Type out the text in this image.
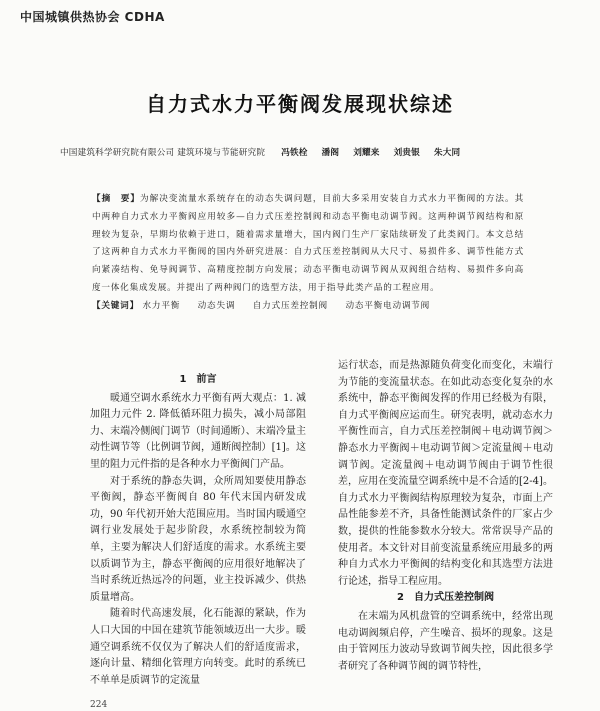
中国城镇供热协会 CDHA
自力式水力平衡阀发展现状综述
中国建筑科学研究院有限公司 建筑环境与节能研究院 冯铁栓 潘阁 刘耀来 刘贵银 朱大同
【摘　要】为解决变流量水系统存在的动态失调问题，目前大多采用安装自力式水力平衡阀的方法。其中两种自力式水力平衡阀应用较多—自力式压差控制阀和动态平衡电动调节阀。这两种调节阀结构和原理较为复杂，早期均依赖于进口，随着需求量增大，国内阀门生产厂家陆续研发了此类阀门。本文总结了这两种自力式水力平衡阀的国内外研究进展：自力式压差控制阀从大尺寸、易损件多、调节性能方式向紧凑结构、免导阀调节、高精度控制方向发展；动态平衡电动调节阀从双阀组合结构、易损件多向高度一体化集成发展。并提出了两种阀门的选型方法，用于指导此类产品的工程应用。
【关键词】 水力平衡 动态失调 自力式压差控制阀 动态平衡电动调节阀
1　前言

暖通空调水系统水力平衡有两大观点：1. 减加阻力元件 2. 降低循环阻力损失，减小局部阻力、末端冷侧阀门调节（时间通断）、末端冷量主动性调节等（比例调节阀，通断阀控制）[1]。这里的阻力元件指的是各种水力平衡阀门产品。

对于系统的静态失调，众所周知要使用静态平衡阀，静态平衡阀自 80 年代末国内研发成功，90 年代初开始大范围应用。当时国内暖通空调行业发展处于起步阶段，水系统控制较为简单，主要为解决人们舒适度的需求。水系统主要以质调节为主，静态平衡阀的应用很好地解决了当时系统近热远冷的问题，业主投诉减少、供热质量增高。

随着时代高速发展，化石能源的紧缺，作为人口大国的中国在建筑节能领域迈出一大步。暖通空调系统不仅仅为了解决人们的舒适度需求，逐向计量、精细化管理方向转变。此时的系统已不单单是质调节的定流量

运行状态，而是热源随负荷变化而变化，末端行为节能的变流量状态。在如此动态变化复杂的水系统中，静态平衡阀发挥的作用已经极为有限，自力式平衡阀应运而生。研究表明，就动态水力平衡性而言，自力式压差控制阀＋电动调节阀＞静态水力平衡阀＋电动调节阀＞定流量阀＋电动调节阀。定流量阀＋电动调节阀由于调节性很差，应用在变流量空调系统中是不合适的[2-4]。自力式水力平衡阀结构原理较为复杂，市面上产品性能参差不齐，具备性能测试条件的厂家占少数，提供的性能参数水分较大。常常误导产品的使用者。本文针对目前变流量系统应用最多的两种自力式水力平衡阀的结构变化和其选型方法进行论述，指导工程应用。

2　自力式压差控制阀

在末端为风机盘管的空调系统中，经常出现电动调阀频启停，产生噪音、损坏的现象。这是由于管网压力波动导致调节阀失控，因此很多学者研究了各种调节阀的调节特性，

224
